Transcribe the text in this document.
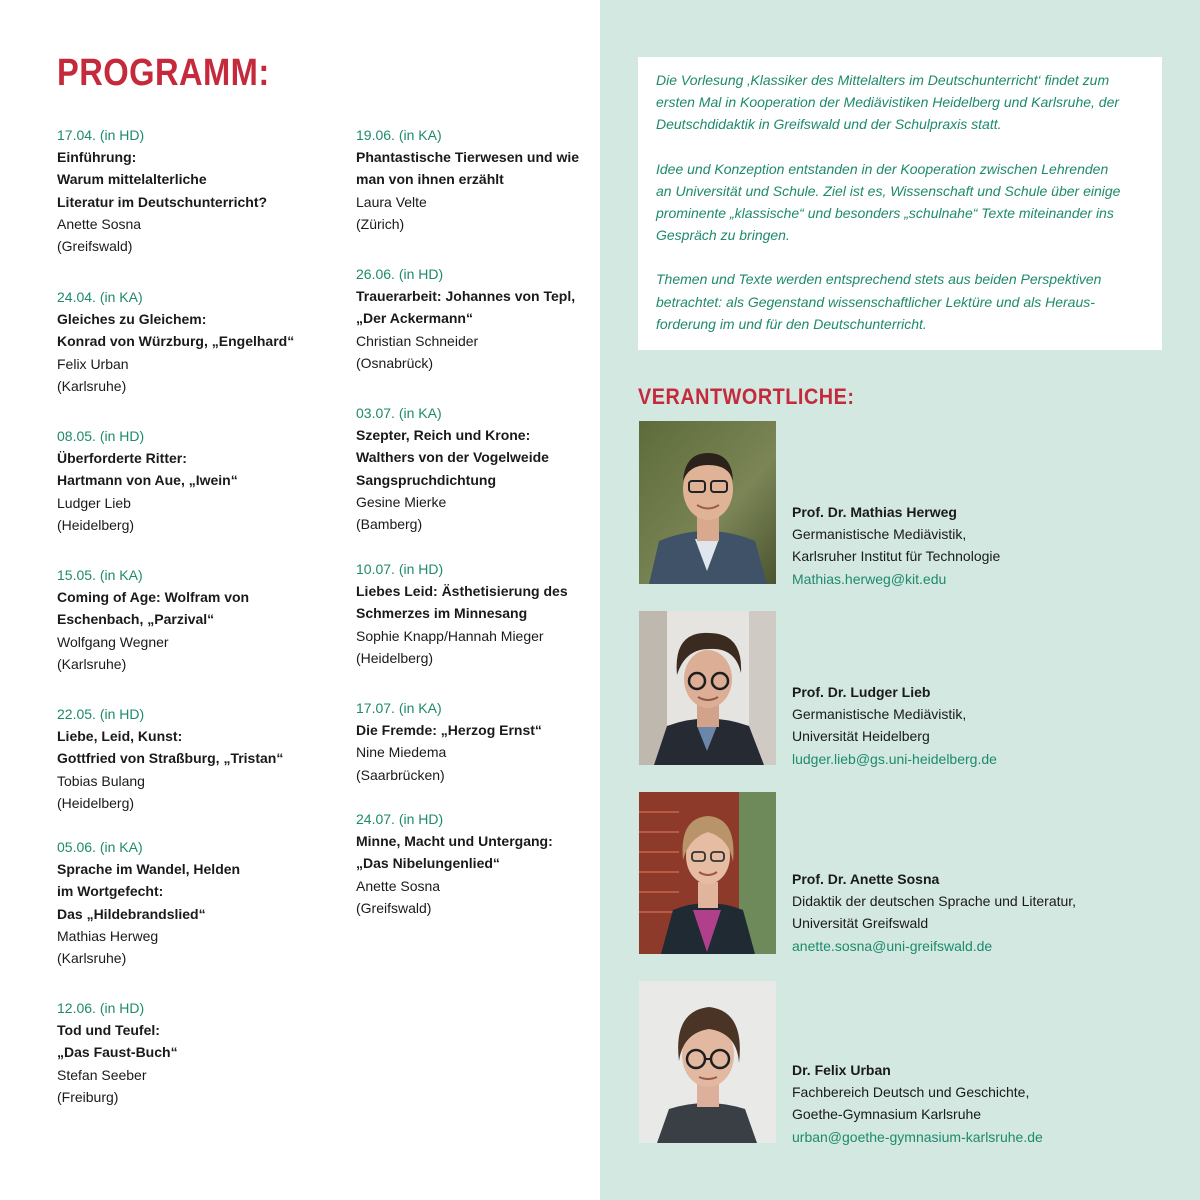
PROGRAMM:
17.04. (in HD)
Einführung:
Warum mittelalterliche
Literatur im Deutschunterricht?
Anette Sosna
(Greifswald)
24.04. (in KA)
Gleiches zu Gleichem:
Konrad von Würzburg, „Engelhard“
Felix Urban
(Karlsruhe)
08.05. (in HD)
Überforderte Ritter:
Hartmann von Aue, „Iwein“
Ludger Lieb
(Heidelberg)
15.05. (in KA)
Coming of Age: Wolfram von
Eschenbach, „Parzival“
Wolfgang Wegner
(Karlsruhe)
22.05. (in HD)
Liebe, Leid, Kunst:
Gottfried von Straßburg, „Tristan“
Tobias Bulang
(Heidelberg)
05.06. (in KA)
Sprache im Wandel, Helden
im Wortgefecht:
Das „Hildebrandslied“
Mathias Herweg
(Karlsruhe)
12.06. (in HD)
Tod und Teufel:
„Das Faust-Buch“
Stefan Seeber
(Freiburg)
19.06. (in KA)
Phantastische Tierwesen und wie
man von ihnen erzählt
Laura Velte
(Zürich)
26.06. (in HD)
Trauerarbeit: Johannes von Tepl,
„Der Ackermann“
Christian Schneider
(Osnabrück)
03.07. (in KA)
Szepter, Reich und Krone:
Walthers von der Vogelweide
Sangspruchdichtung
Gesine Mierke
(Bamberg)
10.07. (in HD)
Liebes Leid: Ästhetisierung des
Schmerzes im Minnesang
Sophie Knapp/Hannah Mieger
(Heidelberg)
17.07. (in KA)
Die Fremde: „Herzog Ernst“
Nine Miedema
(Saarbrücken)
24.07. (in HD)
Minne, Macht und Untergang:
„Das Nibelungenlied“
Anette Sosna
(Greifswald)

Die Vorlesung ‚Klassiker des Mittelalters im Deutschunterricht‘ findet zum
ersten Mal in Kooperation der Mediävistiken Heidelberg und Karlsruhe, der
Deutschdidaktik in Greifswald und der Schulpraxis statt.

Idee und Konzeption entstanden in der Kooperation zwischen Lehrenden
an Universität und Schule. Ziel ist es, Wissenschaft und Schule über einige
prominente „klassische“ und besonders „schulnahe“ Texte miteinander ins
Gespräch zu bringen.

Themen und Texte werden entsprechend stets aus beiden Perspektiven
betrachtet: als Gegenstand wissenschaftlicher Lektüre und als Heraus-
forderung im und für den Deutschunterricht.

VERANTWORTLICHE:
Prof. Dr. Mathias Herweg
Germanistische Mediävistik,
Karlsruher Institut für Technologie
Mathias.herweg@kit.edu
Prof. Dr. Ludger Lieb
Germanistische Mediävistik,
Universität Heidelberg
ludger.lieb@gs.uni-heidelberg.de
Prof. Dr. Anette Sosna
Didaktik der deutschen Sprache und Literatur,
Universität Greifswald
anette.sosna@uni-greifswald.de
Dr. Felix Urban
Fachbereich Deutsch und Geschichte,
Goethe-Gymnasium Karlsruhe
urban@goethe-gymnasium-karlsruhe.de
